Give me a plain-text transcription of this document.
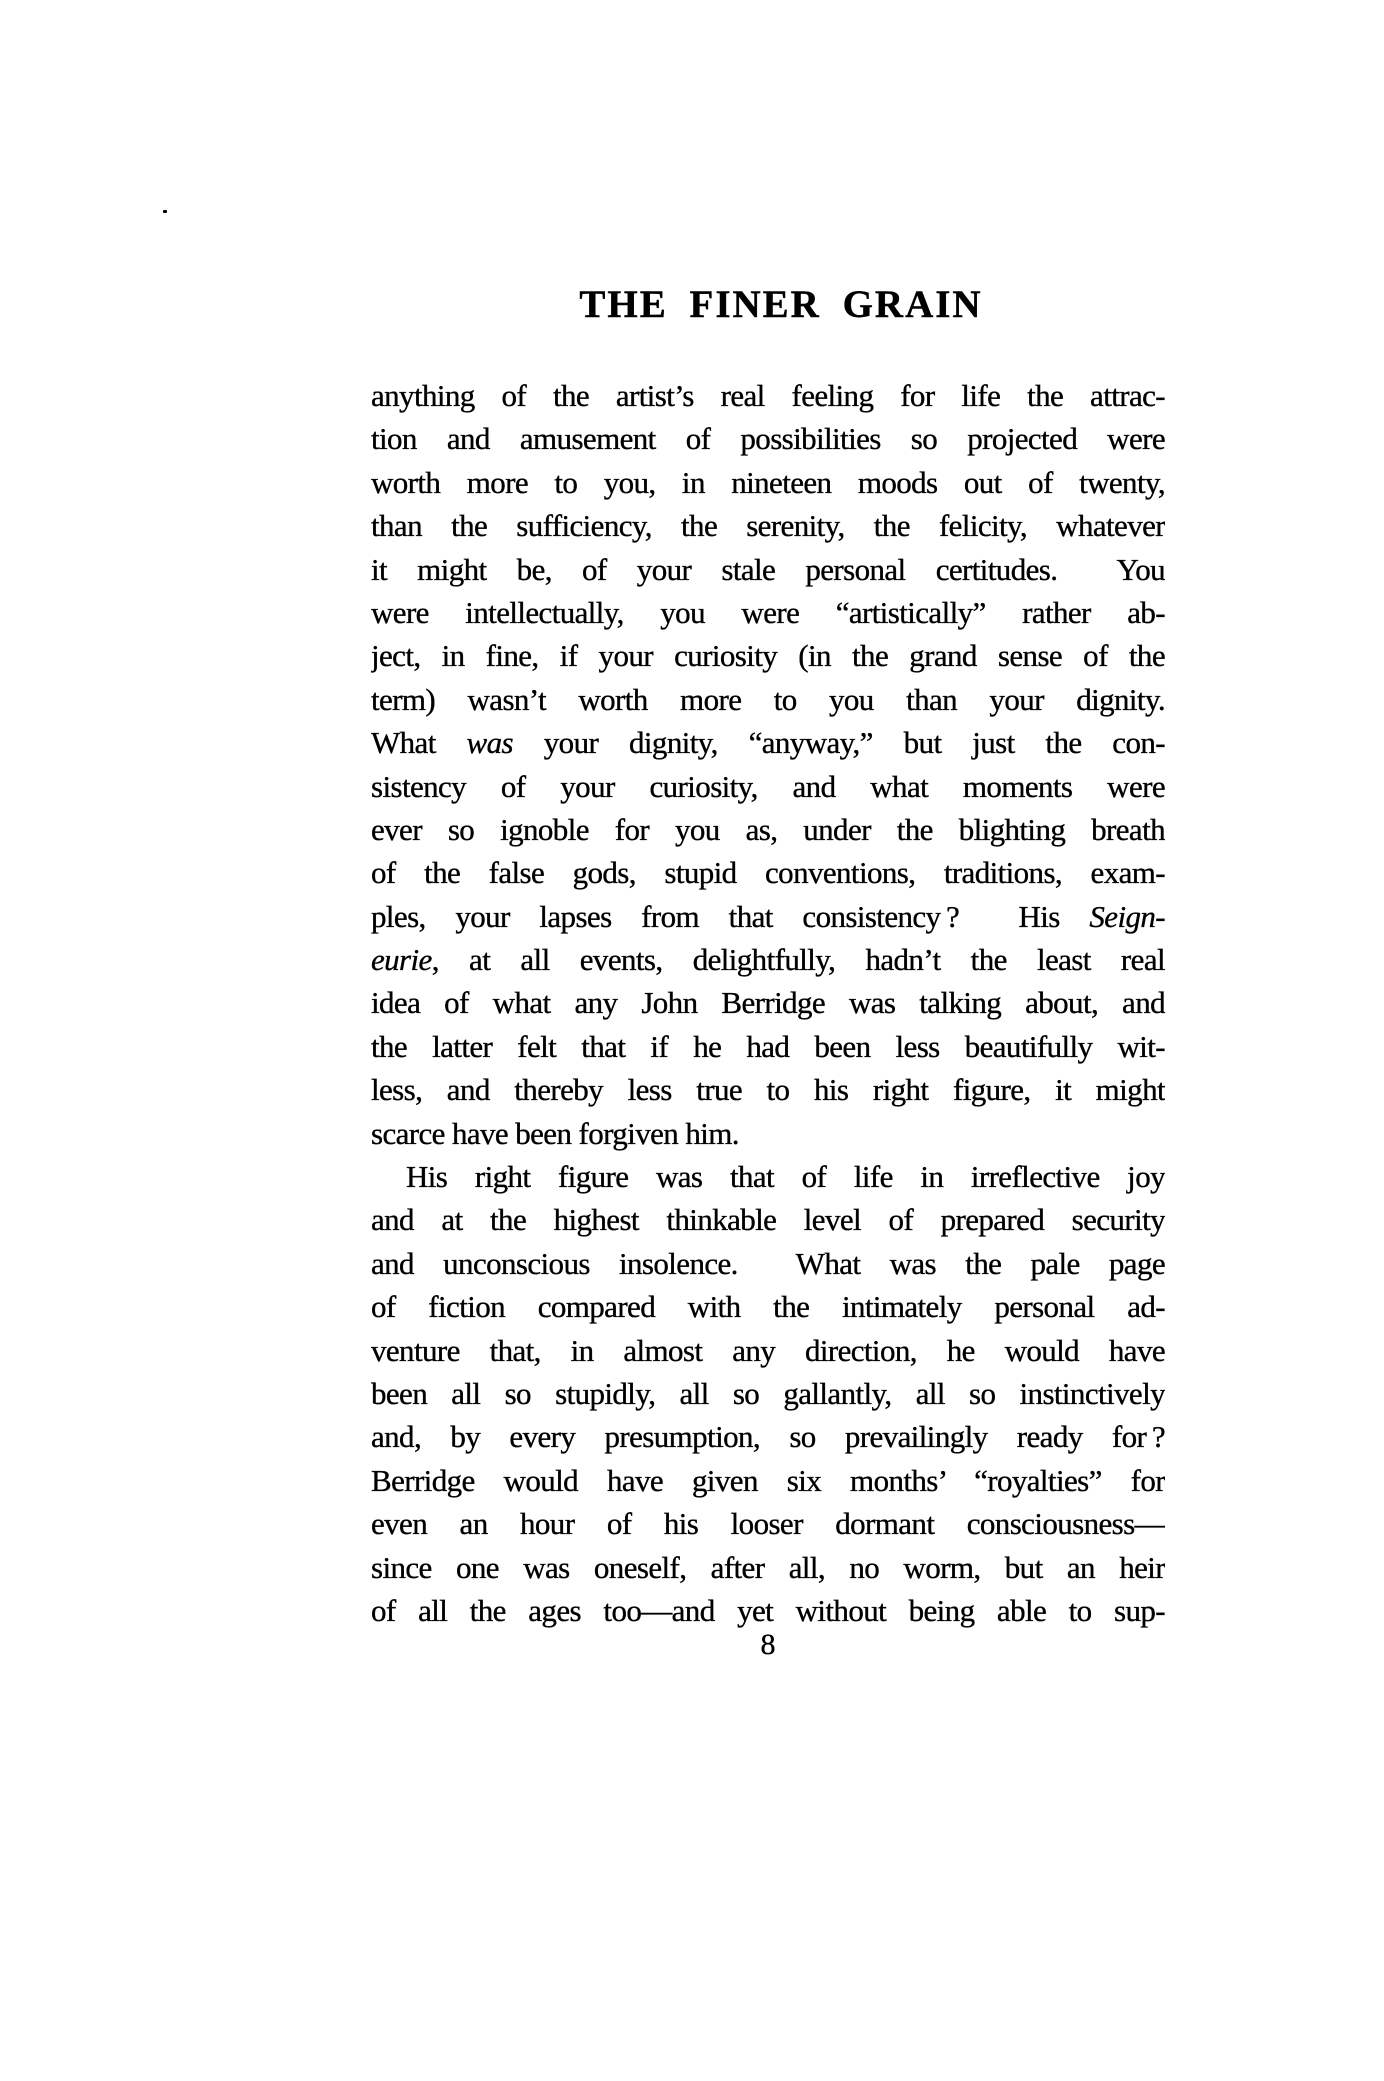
THE FINER GRAIN
anything of the artist’s real feeling for life the attrac-
tion and amusement of possibilities so projected were
worth more to you, in nineteen moods out of twenty,
than the sufficiency, the serenity, the felicity, whatever
it might be, of your stale personal certitudes.  You
were intellectually, you were “artistically” rather ab-
ject, in fine, if your curiosity (in the grand sense of the
term) wasn’t worth more to you than your dignity.
What was your dignity, “anyway,” but just the con-
sistency of your curiosity, and what moments were
ever so ignoble for you as, under the blighting breath
of the false gods, stupid conventions, traditions, exam-
ples, your lapses from that consistency ?  His Seign-
eurie, at all events, delightfully, hadn’t the least real
idea of what any John Berridge was talking about, and
the latter felt that if he had been less beautifully wit-
less, and thereby less true to his right figure, it might
scarce have been forgiven him.
His right figure was that of life in irreflective joy
and at the highest thinkable level of prepared security
and unconscious insolence.  What was the pale page
of fiction compared with the intimately personal ad-
venture that, in almost any direction, he would have
been all so stupidly, all so gallantly, all so instinctively
and, by every presumption, so prevailingly ready for ?
Berridge would have given six months’ “royalties” for
even an hour of his looser dormant consciousness—
since one was oneself, after all, no worm, but an heir
of all the ages too—and yet without being able to sup-
8
